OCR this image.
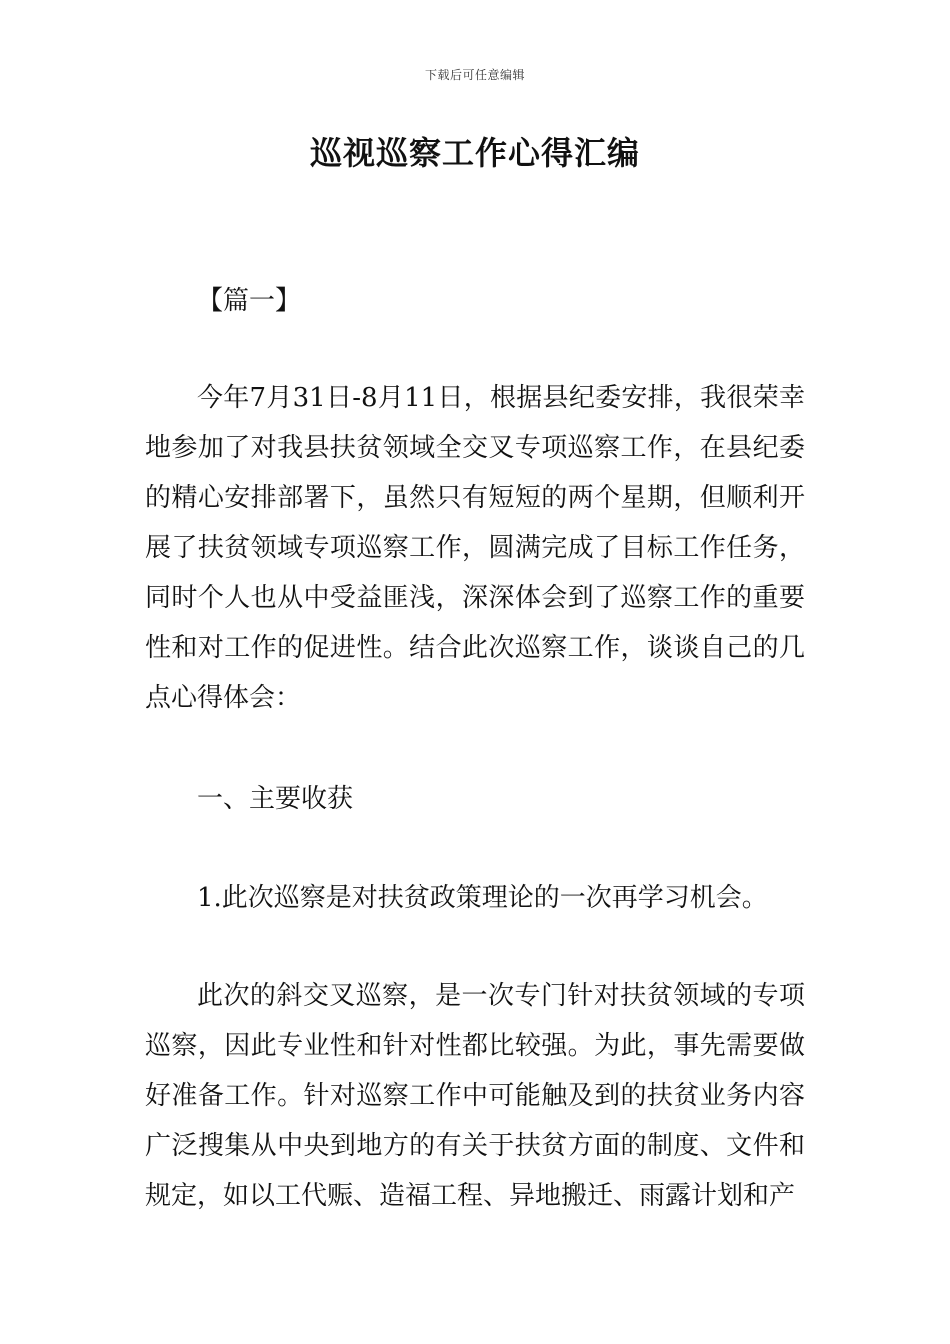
下载后可任意编辑
巡视巡察工作心得汇编

【篇一】

今年7月31日-8月11日，根据县纪委安排，我很荣幸地参加了对我县扶贫领域全交叉专项巡察工作，在县纪委的精心安排部署下，虽然只有短短的两个星期，但顺利开展了扶贫领域专项巡察工作，圆满完成了目标工作任务，同时个人也从中受益匪浅，深深体会到了巡察工作的重要性和对工作的促进性。结合此次巡察工作，谈谈自己的几点心得体会：

一、主要收获

1.此次巡察是对扶贫政策理论的一次再学习机会。

此次的斜交叉巡察，是一次专门针对扶贫领域的专项巡察，因此专业性和针对性都比较强。为此，事先需要做好准备工作。针对巡察工作中可能触及到的扶贫业务内容广泛搜集从中央到地方的有关于扶贫方面的制度、文件和规定，如以工代赈、造福工程、异地搬迁、雨露计划和产
